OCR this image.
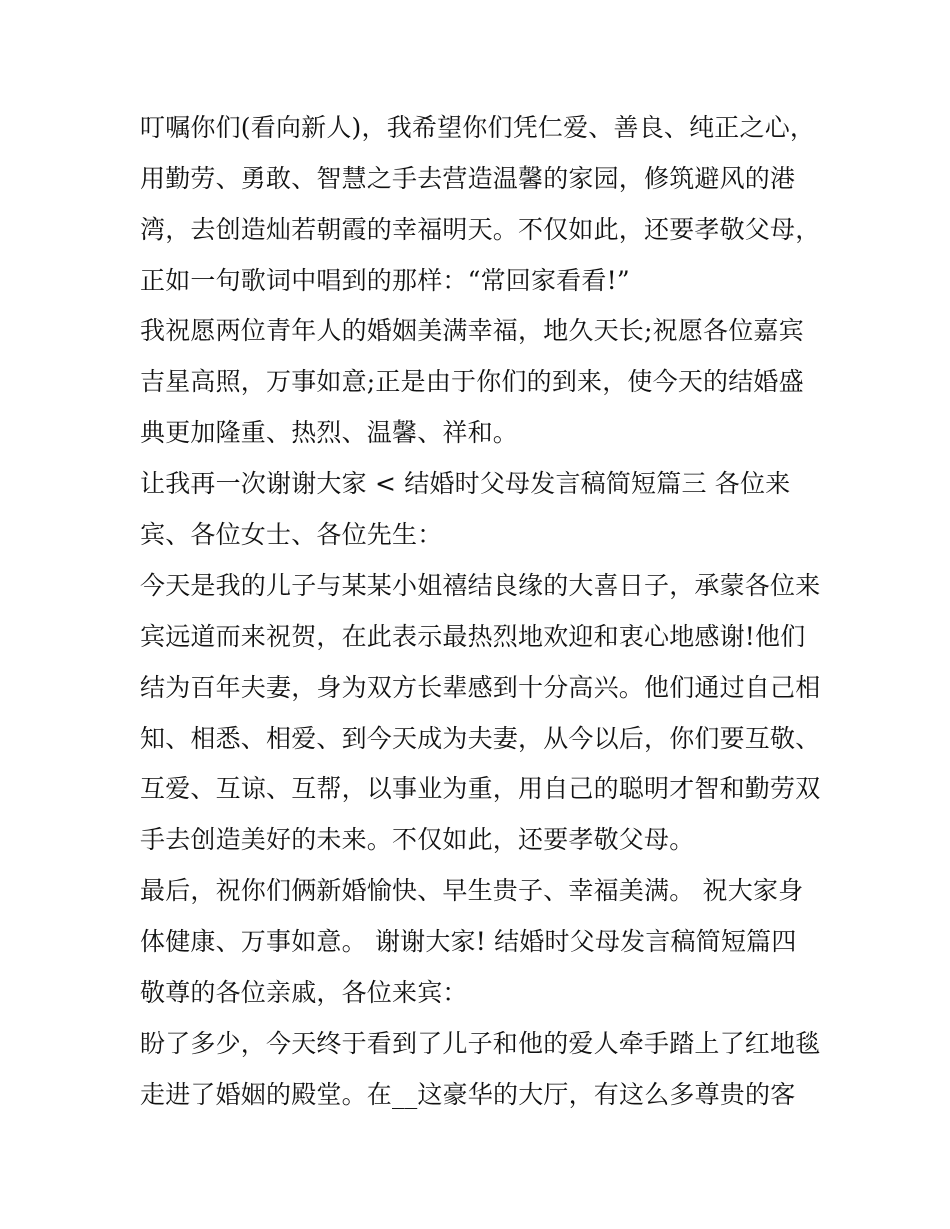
叮嘱你们(看向新人)，我希望你们凭仁爱、善良、纯正之心，
用勤劳、勇敢、智慧之手去营造温馨的家园，修筑避风的港
湾，去创造灿若朝霞的幸福明天。不仅如此，还要孝敬父母，
正如一句歌词中唱到的那样：“常回家看看!”
我祝愿两位青年人的婚姻美满幸福，地久天长;祝愿各位嘉宾
吉星高照，万事如意;正是由于你们的到来，使今天的结婚盛
典更加隆重、热烈、温馨、祥和。
让我再一次谢谢大家 < 结婚时父母发言稿简短篇三 各位来
宾、各位女士、各位先生：
今天是我的儿子与某某小姐禧结良缘的大喜日子，承蒙各位来
宾远道而来祝贺，在此表示最热烈地欢迎和衷心地感谢!他们
结为百年夫妻，身为双方长辈感到十分高兴。他们通过自己相
知、相悉、相爱、到今天成为夫妻，从今以后，你们要互敬、
互爱、互谅、互帮，以事业为重，用自己的聪明才智和勤劳双
手去创造美好的未来。不仅如此，还要孝敬父母。
最后，祝你们俩新婚愉快、早生贵子、幸福美满。 祝大家身
体健康、万事如意。 谢谢大家! 结婚时父母发言稿简短篇四
敬尊的各位亲戚，各位来宾：
盼了多少，今天终于看到了儿子和他的爱人牵手踏上了红地毯
走进了婚姻的殿堂。在__这豪华的大厅，有这么多尊贵的客
